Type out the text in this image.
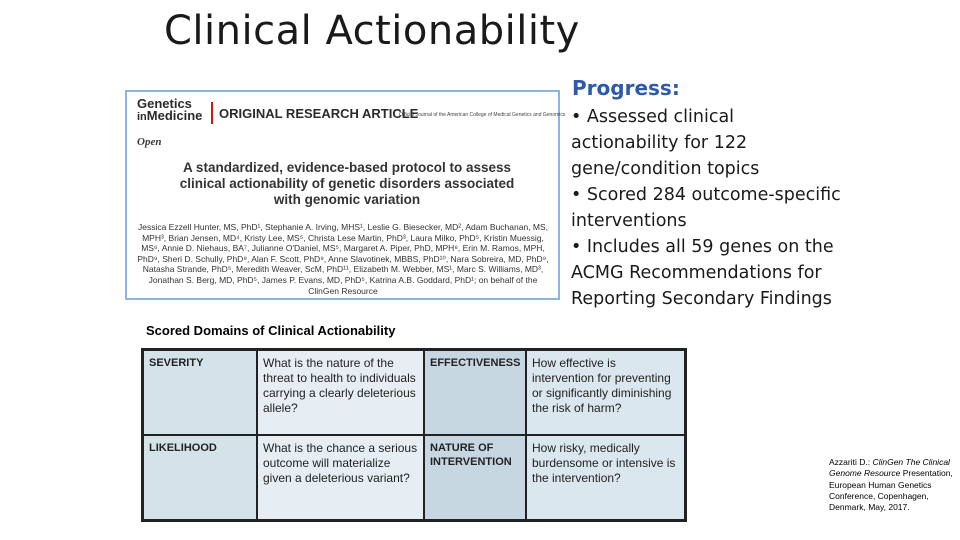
Clinical Actionability
Genetics
inMedicine ORIGINAL RESEARCH ARTICLE
Official Journal of the American College of Medical Genetics and Genomics
Open
A standardized, evidence-based protocol to assess clinical actionability of genetic disorders associated with genomic variation
Jessica Ezzell Hunter, MS, PhD¹, Stephanie A. Irving, MHS¹, Leslie G. Biesecker, MD², Adam Buchanan, MS, MPH³, Brian Jensen, MD⁴, Kristy Lee, MS⁵, Christa Lese Martin, PhD³, Laura Milko, PhD⁵, Kristin Muessig, MS⁶, Annie D. Niehaus, BA⁷, Julianne O'Daniel, MS⁵, Margaret A. Piper, PhD, MPH⁸, Erin M. Ramos, MPH, PhD⁹, Sheri D. Schully, PhD⁹, Alan F. Scott, PhD⁹, Anne Slavotinek, MBBS, PhD¹⁰, Nara Sobreira, MD, PhD⁹, Natasha Strande, PhD⁵, Meredith Weaver, ScM, PhD¹¹, Elizabeth M. Webber, MS¹, Marc S. Williams, MD³, Jonathan S. Berg, MD, PhD⁵, James P. Evans, MD, PhD⁵, Katrina A.B. Goddard, PhD¹; on behalf of the ClinGen Resource
Scored Domains of Clinical Actionability
SEVERITY	What is the nature of the threat to health to individuals carrying a clearly deleterious allele?
EFFECTIVENESS How effective is intervention for preventing or significantly diminishing the risk of harm?
LIKELIHOOD	What is the chance a serious outcome will materialize given a deleterious variant?
NATURE OF INTERVENTION
How risky, medically burdensome or intensive is the intervention?
Progress:
• Assessed clinical actionability for 122 gene/condition topics
• Scored 284 outcome-specific interventions
• Includes all 59 genes on the ACMG Recommendations for Reporting Secondary Findings
Azzariti D.: ClinGen The Clinical Genome Resource Presentation, European Human Genetics Conference, Copenhagen, Denmark, May, 2017.
